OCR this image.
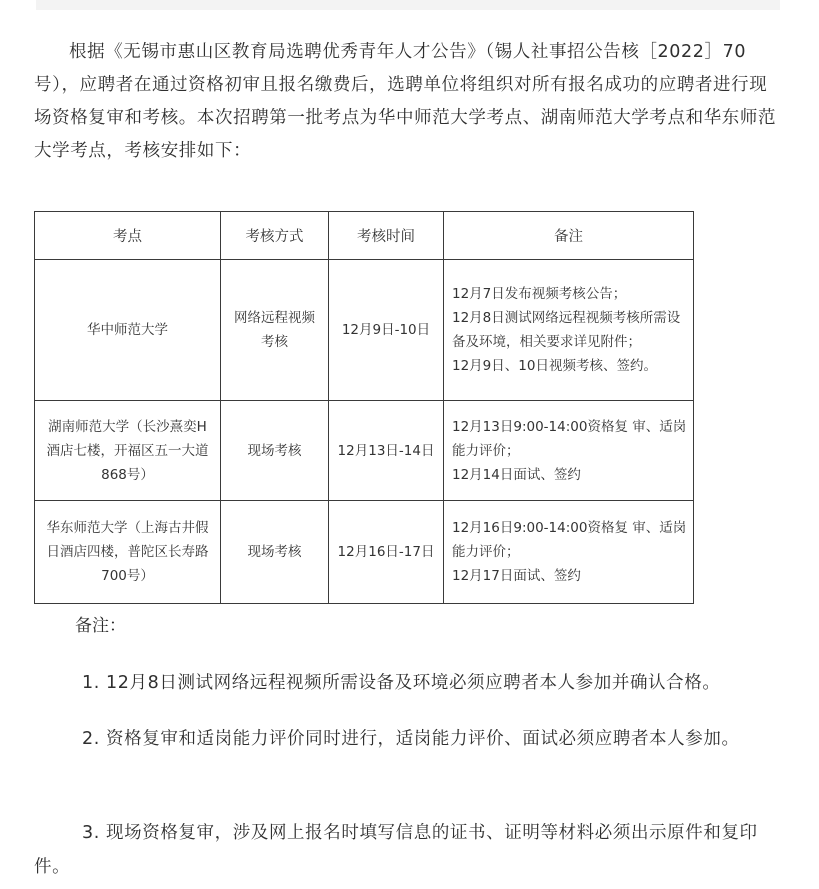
根据《无锡市惠山区教育局选聘优秀青年人才公告》（锡人社事招公告核［2022］70号），应聘者在通过资格初审且报名缴费后，选聘单位将组织对所有报名成功的应聘者进行现场资格复审和考核。本次招聘第一批考点为华中师范大学考点、湖南师范大学考点和华东师范大学考点，考核安排如下：

考点	考核方式	考核时间	备注
华中师范大学	网络远程视频考核	12月9日-10日	12月7日发布视频考核公告；
12月8日测试网络远程视频考核所需设备及环境，相关要求详见附件；
12月9日、10日视频考核、签约。

湖南师范大学（长沙熹奕H酒店七楼，开福区五一大道868号）	现场考核	12月13日-14日	12月13日9:00-14:00资格复 审、适岗能力评价；
12月14日面试、签约

华东师范大学（上海古井假日酒店四楼，普陀区长寿路700号）	现场考核	12月16日-17日	12月16日9:00-14:00资格复 审、适岗能力评价；
12月17日面试、签约

备注：

1. 12月8日测试网络远程视频所需设备及环境必须应聘者本人参加并确认合格。

2. 资格复审和适岗能力评价同时进行，适岗能力评价、面试必须应聘者本人参加。

3. 现场资格复审，涉及网上报名时填写信息的证书、证明等材料必须出示原件和复印件。
